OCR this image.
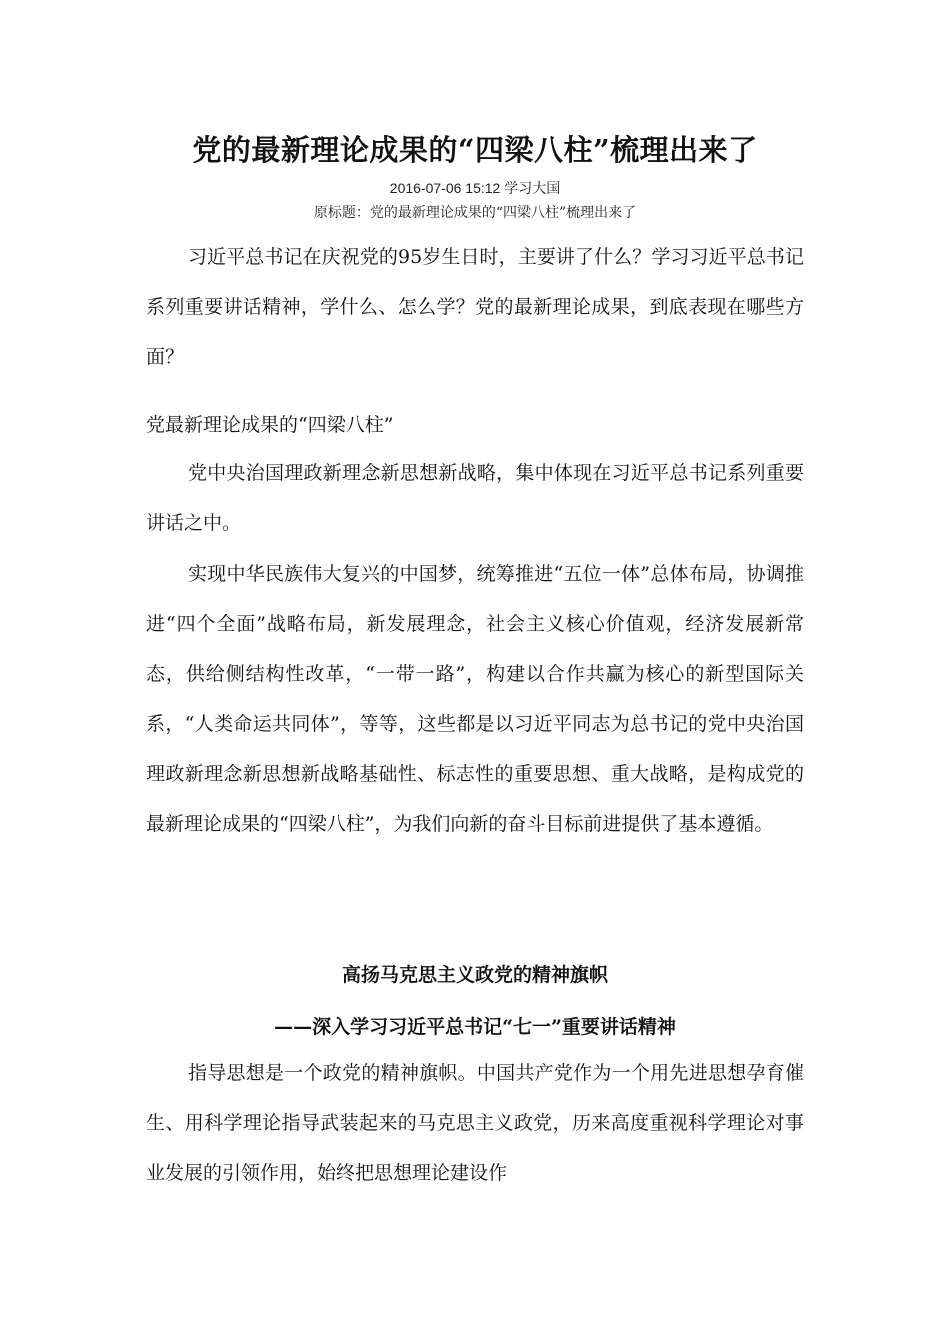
党的最新理论成果的“四梁八柱”梳理出来了
2016-07-06 15:12 学习大国
原标题：党的最新理论成果的“四梁八柱”梳理出来了
习近平总书记在庆祝党的95岁生日时，主要讲了什么？学习习近平总书记系列重要讲话精神，学什么、怎么学？党的最新理论成果，到底表现在哪些方面？
党最新理论成果的“四梁八柱”
党中央治国理政新理念新思想新战略，集中体现在习近平总书记系列重要讲话之中。
实现中华民族伟大复兴的中国梦，统筹推进“五位一体”总体布局，协调推进“四个全面”战略布局，新发展理念，社会主义核心价值观，经济发展新常态，供给侧结构性改革，“一带一路”，构建以合作共赢为核心的新型国际关系，“人类命运共同体”，等等，这些都是以习近平同志为总书记的党中央治国理政新理念新思想新战略基础性、标志性的重要思想、重大战略，是构成党的最新理论成果的“四梁八柱”，为我们向新的奋斗目标前进提供了基本遵循。
高扬马克思主义政党的精神旗帜
——深入学习习近平总书记“七一”重要讲话精神
指导思想是一个政党的精神旗帜。中国共产党作为一个用先进思想孕育催生、用科学理论指导武装起来的马克思主义政党，历来高度重视科学理论对事业发展的引领作用，始终把思想理论建设作
